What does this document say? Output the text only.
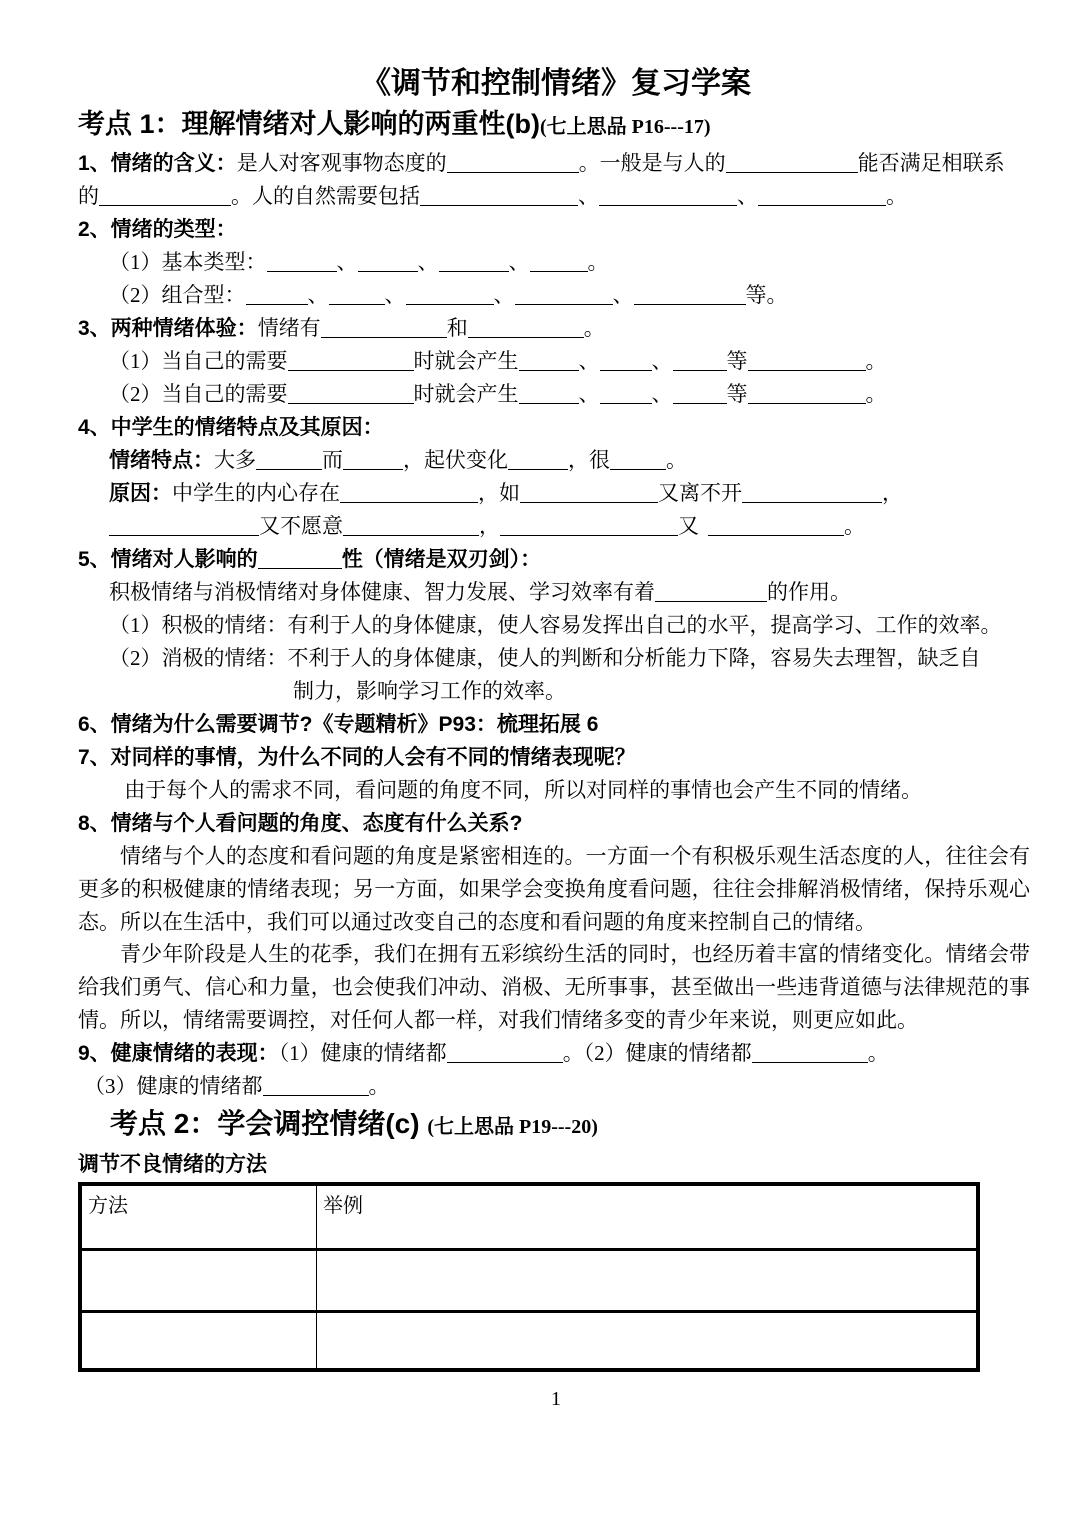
《调节和控制情绪》复习学案
考点 1：理解情绪对人影响的两重性(b)(七上思品 P16---17)
1、情绪的含义：是人对客观事物态度的	。一般是与人的	能否满足相联系
的	。人的自然需要包括	、	、	。
2、情绪的类型：
（1）基本类型：	、	、	、	。
（2）组合型：	、	、	、	、	等。
3、两种情绪体验：情绪有	和	。
（1）当自己的需要	时就会产生	、 、	等	。
（2）当自己的需要	时就会产生	、 、	等	。
4、中学生的情绪特点及其原因：
情绪特点：大多	而	，起伏变化	，很	。
原因：中学生的内心存在	，如	又离不开	，
又不愿意	，	又	。
5、情绪对人影响的	性（情绪是双刃剑）：
积极情绪与消极情绪对身体健康、智力发展、学习效率有着	的作用。
（1）积极的情绪：有利于人的身体健康，使人容易发挥出自己的水平，提高学习、工作的效率。
（2）消极的情绪：不利于人的身体健康，使人的判断和分析能力下降，容易失去理智，缺乏自
制力，影响学习工作的效率。
6、情绪为什么需要调节?《专题精析》P93：梳理拓展 6
7、对同样的事情，为什么不同的人会有不同的情绪表现呢？
由于每个人的需求不同，看问题的角度不同，所以对同样的事情也会产生不同的情绪。
8、情绪与个人看问题的角度、态度有什么关系?

情绪与个人的态度和看问题的角度是紧密相连的。一方面一个有积极乐观生活态度的人，往往会有更多的积极健康的情绪表现；另一方面，如果学会变换角度看问题，往往会排解消极情绪，保持乐观心态。所以在生活中，我们可以通过改变自己的态度和看问题的角度来控制自己的情绪。

青少年阶段是人生的花季，我们在拥有五彩缤纷生活的同时，也经历着丰富的情绪变化。情绪会带给我们勇气、信心和力量，也会使我们冲动、消极、无所事事，甚至做出一些违背道德与法律规范的事情。所以，情绪需要调控，对任何人都一样，对我们情绪多变的青少年来说，则更应如此。

9、健康情绪的表现：（1）健康的情绪都	。（2）健康的情绪都	。
（3）健康的情绪都	。
考点 2：学会调控情绪(c) (七上思品 P19---20)
调节不良情绪的方法
方法	举例

1
